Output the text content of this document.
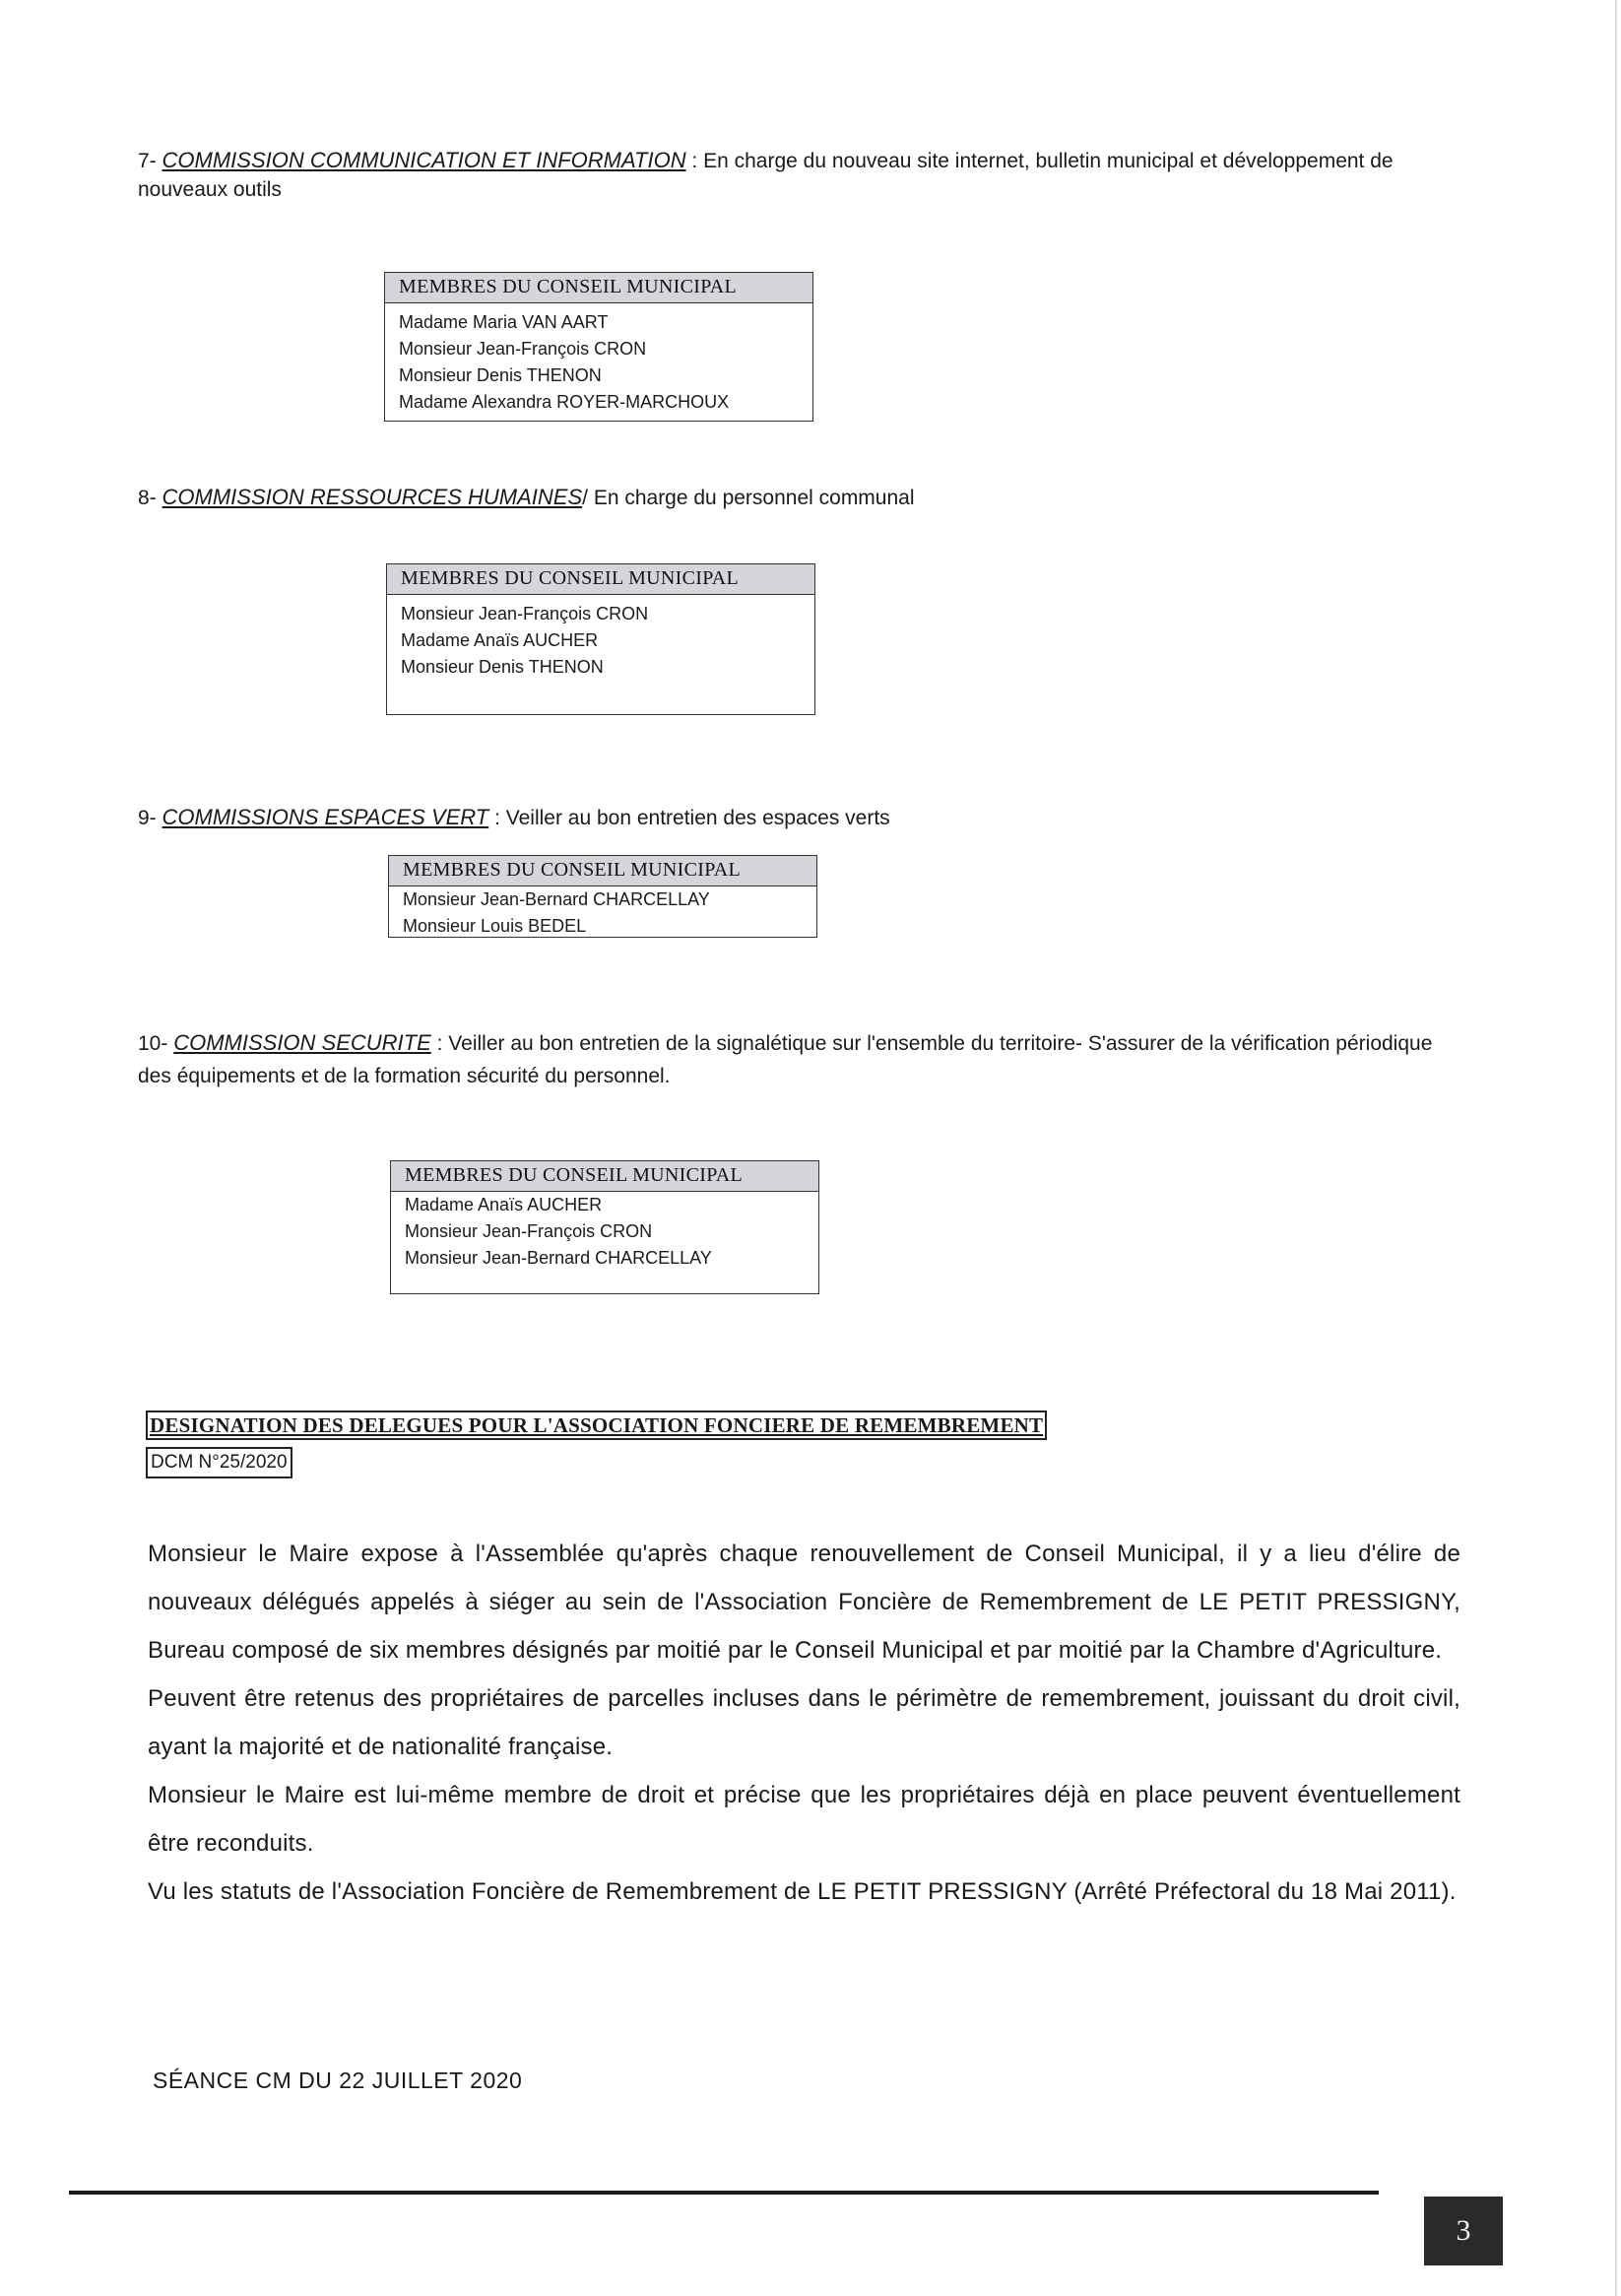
7- COMMISSION COMMUNICATION ET INFORMATION : En charge du nouveau site internet, bulletin municipal et développement de nouveaux outils
MEMBRES DU CONSEIL MUNICIPAL
Madame Maria VAN AART
Monsieur Jean-François CRON
Monsieur Denis THENON
Madame Alexandra ROYER-MARCHOUX
8- COMMISSION RESSOURCES HUMAINES/ En charge du personnel communal
MEMBRES DU CONSEIL MUNICIPAL
Monsieur Jean-François CRON
Madame Anaïs AUCHER
Monsieur Denis THENON
9- COMMISSIONS ESPACES VERT : Veiller au bon entretien des espaces verts
MEMBRES DU CONSEIL MUNICIPAL
Monsieur Jean-Bernard CHARCELLAY
Monsieur Louis BEDEL
10- COMMISSION SECURITE : Veiller au bon entretien de la signalétique sur l'ensemble du territoire- S'assurer de la vérification périodique des équipements et de la formation sécurité du personnel.
MEMBRES DU CONSEIL MUNICIPAL
Madame Anaïs AUCHER
Monsieur Jean-François CRON
Monsieur Jean-Bernard CHARCELLAY
DESIGNATION DES DELEGUES POUR L'ASSOCIATION FONCIERE DE REMEMBREMENT
DCM N°25/2020

Monsieur le Maire expose à l'Assemblée qu'après chaque renouvellement de Conseil Municipal, il y a lieu d'élire de nouveaux délégués appelés à siéger au sein de l'Association Foncière de Remembrement de LE PETIT PRESSIGNY, Bureau composé de six membres désignés par moitié par le Conseil Municipal et par moitié par la Chambre d'Agriculture.

Peuvent être retenus des propriétaires de parcelles incluses dans le périmètre de remembrement, jouissant du droit civil, ayant la majorité et de nationalité française.

Monsieur le Maire est lui-même membre de droit et précise que les propriétaires déjà en place peuvent éventuellement être reconduits.

Vu les statuts de l'Association Foncière de Remembrement de LE PETIT PRESSIGNY (Arrêté Préfectoral du 18 Mai 2011).

SÉANCE CM DU 22 JUILLET 2020
3
